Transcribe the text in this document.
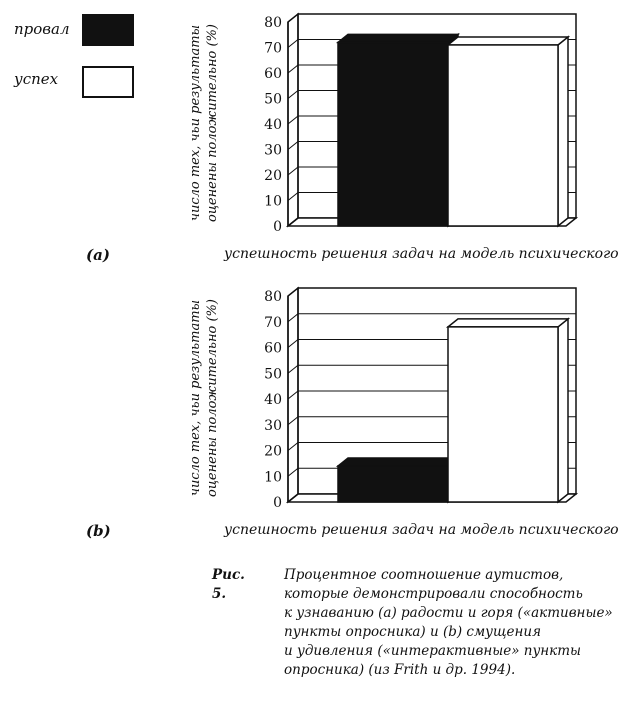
провал
успех
(a)
число тех, чьи результаты оценены положительно (%)
0
10
20
30
40
50
60
70
80
успешность решения задач на модель психического
(b)
число тех, чьи результаты оценены положительно (%)
0
10
20
30
40
50
60
70
80
успешность решения задач на модель психического
Рис. 5.
Процентное соотношение аутистов,
которые демонстрировали способность
к узнаванию (а) радости и горя («активные»
пункты опросника) и (b) смущения
и удивления («интерактивные» пункты
опросника) (из Frith и др. 1994).
